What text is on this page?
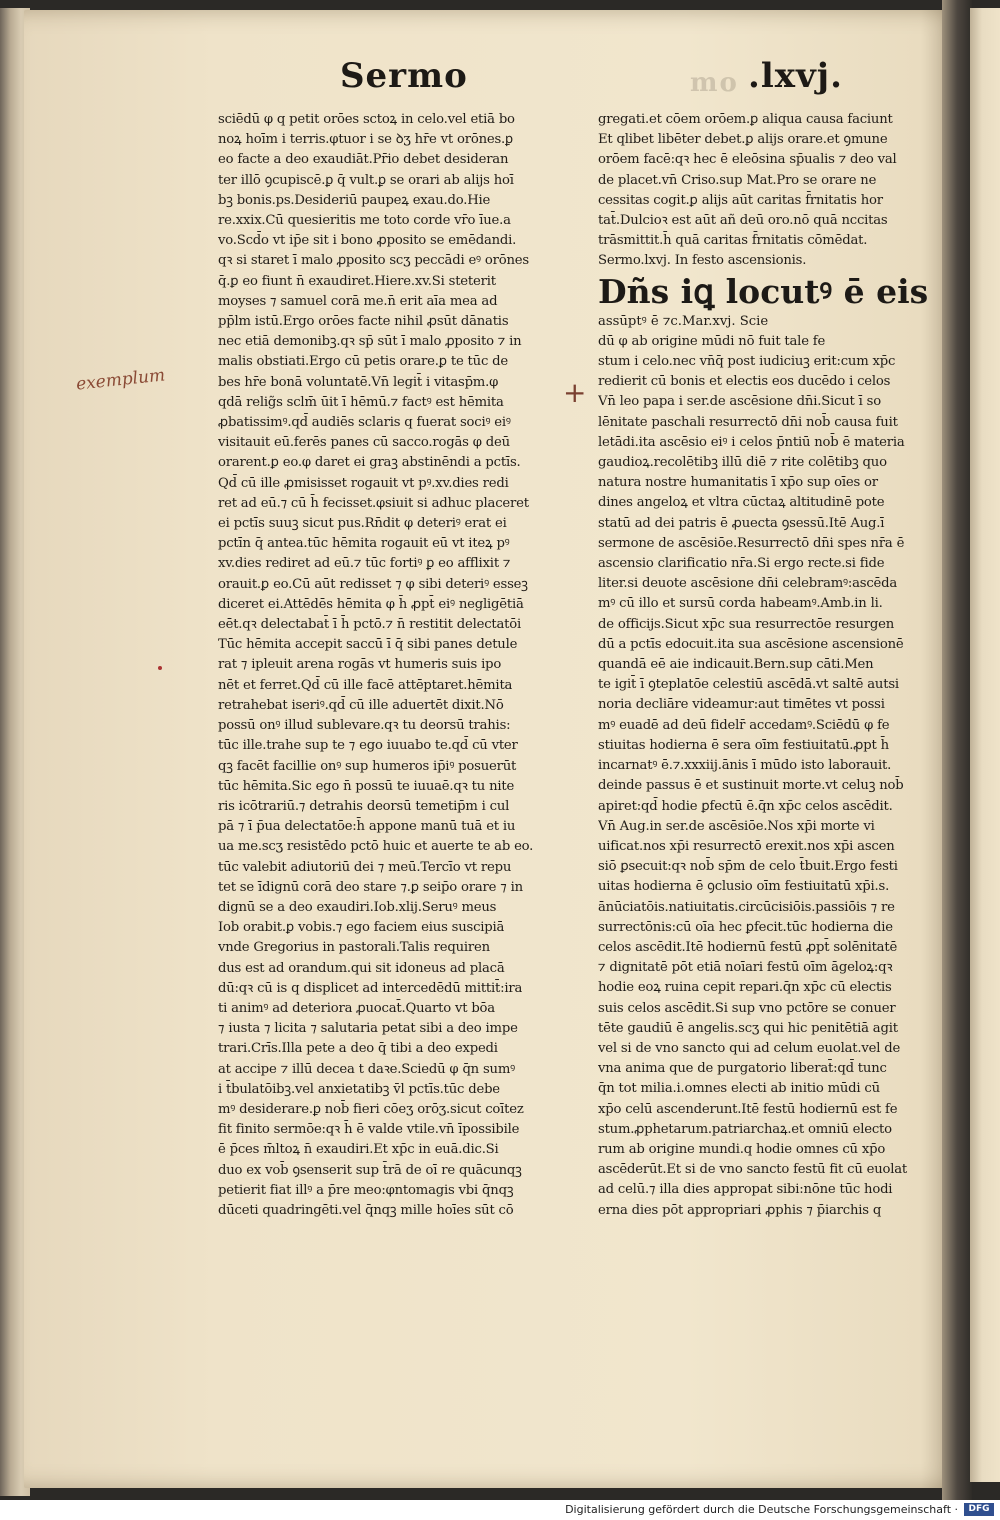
mo
Sermo	.lxvj.
exemplum	+
sciēdū φ q petit orōes sctoꝝ in celo.vel etiā bo
noꝝ hoīm i terris.φtuor i se ꝺʒ hr̄e vt orōnes.ꝑ
eo facte a deo exaudiāt.Pr̄io debet desideran
ter illō ꝯcupiscē.ꝑ q̄ vult.ꝑ se orari ab alijs hoī
bꝫ bonis.ps.Desideriū paupeꝝ exau.do.Hie
re.xxix.Cū quesieritis me toto corde vr̄o īue.a
vo.Scd̄o vt ip̄e sit i bono ꝓposito se emēdandi.
qꝛ si staret ī malo ꝓposito scʒ peccādi eꝰ orōnes
q̄.ꝑ eo fiunt n̄ exaudiret.Hiere.xv.Si steterit
moyses ⁊ samuel corā me.n̄ erit aīa mea ad
pp̄lm istū.Ergo orōes facte nihil ꝓsūt dānatis
nec etiā demonibꝫ.qꝛ sp̄ sūt ī malo ꝓposito ⁊ in
malis obstiati.Ergo cū petis orare.ꝑ te tūc de
bes hr̄e bonā voluntatē.Vn̄ legit̄ i vitasp̄m.φ
qdā relig̃s sclm̄ ūit ī hēmū.⁊ factꝰ est hēmita
ꝓbatissimꝰ.qd̄ audiēs sclaris q fuerat sociꝰ eiꝰ
visitauit eū.ferēs panes cū sacco.rogās φ deū
orarent.ꝑ eo.φ daret ei graꝫ abstinēndi a pctīs.
Qd̄ cū ille ꝓmisisset rogauit vt pꝰ.xv.dies redi
ret ad eū.⁊ cū h̄ fecisset.φsiuit si adhuc placeret
ei pctīs suuꝫ sicut pus.Rn̄dit φ deteriꝰ erat ei
pctīn q̄ antea.tūc hēmita rogauit eū vt iteꝝ pꝰ
xv.dies rediret ad eū.⁊ tūc fortiꝰ ꝑ eo afflixit ⁊
orauit.ꝑ eo.Cū aūt redisset ⁊ φ sibi deteriꝰ esseꝫ
diceret ei.Attēdēs hēmita φ h̄ ꝓpt̄ eiꝰ negligētiā
eēt.qꝛ delectabat̄ ī h̄ pctō.⁊ n̄ restitit delectatōi
Tūc hēmita accepit saccū ī q̄ sibi panes detule
rat ⁊ ipleuit arena rogās vt humeris suis ipo
nēt et ferret.Qd̄ cū ille facē attēptaret.hēmita
retrahebat iseriꝰ.qd̄ cū ille aduertēt dixit.Nō
possū onꝰ illud sublevare.qꝛ tu deorsū trahis:
tūc ille.trahe sup te ⁊ ego iuuabo te.qd̄ cū vter
qꝫ facēt facillie onꝰ sup humeros ip̄iꝰ posuerūt
tūc hēmita.Sic ego n̄ possū te iuuaē.qꝛ tu nite
ris icōtrariū.⁊ detrahis deorsū temetip̄m i cul
pā ⁊ ī p̄ua delectatōe:h̄ appone manū tuā et iu
ua me.scʒ resistēdo pctō huic et auerte te ab eo.
tūc valebit adiutoriū dei ⁊ meū.Tercīo vt repu
tet se īdignū corā deo stare ⁊.ꝑ seip̄o orare ⁊ in
dignū se a deo exaudiri.Iob.xlij.Seruꝰ meus
Iob orabit.ꝑ vobis.⁊ ego faciem eius suscipiā
vnde Gregorius in pastorali.Talis requiren
dus est ad orandum.qui sit idoneus ad placā
dū:qꝛ cū is q displicet ad intercedēdū mittit̄:ira
ti animꝰ ad deteriora ꝓuocat̄.Quarto vt bōa
⁊ iusta ⁊ licita ⁊ salutaria petat sibi a deo impe
trari.Crīs.Illa pete a deo q̄ tibi a deo expedi
at accipe ⁊ illū decea t daꝛe.Sciedū φ q̄n sumꝰ
i t̄bulatōibꝫ.vel anxietatibꝫ v̄l pctīs.tūc debe
mꝰ desiderare.ꝑ nob̄ fieri cōeʒ orōʒ.sicut coītez
fit finito sermōe:qꝛ h̄ ē valde vtile.vn̄ īpossibile
ē p̄ces m̄ltoꝝ n̄ exaudiri.Et xp̄c in euā.dic.Si
duo ex vob̄ ꝯsenserit sup t̄rā de oī re quācunqꝫ
petierit fiat illꝰ a p̄re meo:φntomagis vbi q̄nqꝫ
dūceti quadringēti.vel q̄nqꝫ mille hoīes sūt cō
gregati.et cōem orōem.ꝑ aliqua causa faciunt
Et qlibet libēter debet.ꝑ alijs orare.et ꝯmune
orōem facē:qꝛ hec ē eleōsina sp̄ualis ⁊ deo val
de placet.vn̄ Criso.sup Mat.Pro se orare ne
cessitas cogit.ꝑ alijs aūt caritas f̄rnitatis hor
tat̄.Dulcioꝛ est aūt añ deū oro.nō quā nccitas
trāsmittit.h̄ quā caritas f̄rnitatis cōmēdat.
Sermo.lxvj. In festo ascensionis.
Dñs iꝗ locutꝰ ē eis
assūptꝰ ē ⁊c.Mar.xvj. Scie
dū φ ab origine mūdi nō fuit tale fe
stum i celo.nec vn̄q̄ post iudiciuꝫ erit:cum xp̄c
redierit cū bonis et electis eos ducēdo i celos
Vn̄ leo papa i ser.de ascēsione dn̄i.Sicut ī so
lēnitate paschali resurrectō dn̄i nob̄ causa fuit
letādi.ita ascēsio eiꝰ i celos p̄ntiū nob̄ ē materia
gaudioꝝ.recolētibꝫ illū diē ⁊ rite colētibꝫ quo
natura nostre humanitatis ī xp̄o sup oīes or
dines angeloꝝ et vltra cūctaꝝ altitudinē pote
statū ad dei patris ē ꝓuecta ꝯsessū.Itē Aug.ī
sermone de ascēsiōe.Resurrectō dn̄i spes nr̄a ē
ascensio clarificatio nr̄a.Si ergo recte.si fide
liter.si deuote ascēsione dn̄i celebramꝰ:ascēda
mꝰ cū illo et sursū corda habeamꝰ.Amb.in li.
de officijs.Sicut xp̄c sua resurrectōe resurgen
dū a pctīs edocuit.ita sua ascēsione ascensionē
quandā eē aie indicauit.Bern.sup cāti.Men
te igit̄ ī ꝯteplatōe celestiū ascēdā.vt saltē autsi
noria decliāre videamur:aut timētes vt possi
mꝰ euadē ad deū fidelr̄ accedamꝰ.Sciēdū φ fe
stiuitas hodierna ē sera oīm festiuitatū.ꝓpt h̄
incarnatꝰ ē.⁊.xxxiij.ānis ī mūdo isto laborauit.
deinde passus ē et sustinuit morte.vt celuꝫ nob̄
apiret:qd̄ hodie ꝑfectū ē.q̄n xp̄c celos ascēdit.
Vn̄ Aug.in ser.de ascēsiōe.Nos xp̄i morte vi
uificat.nos xp̄i resurrectō erexit.nos xp̄i ascen
siō ꝑsecuit:qꝛ nob̄ sp̄m de celo t̄buit.Ergo festi
uitas hodierna ē ꝯclusio oīm festiuitatū xp̄i.s.
ānūciatōis.natiuitatis.circūcisiōis.passiōis ⁊ re
surrectōnis:cū oīa hec ꝑfecit.tūc hodierna die
celos ascēdit.Itē hodiernū festū ꝓpt̄ solēnitatē
⁊ dignitatē pōt etiā noīari festū oīm āgeloꝝ:qꝛ
hodie eoꝝ ruina cepit repari.q̄n xp̄c cū electis
suis celos ascēdit.Si sup vno pctōre se conuer
tēte gaudiū ē angelis.scʒ qui hic penitētiā agit
vel si de vno sancto qui ad celum euolat.vel de
vna anima que de purgatorio liberat̄:qd̄ tunc
q̄n tot milia.i.omnes electi ab initio mūdi cū
xp̄o celū ascenderunt.Itē festū hodiernū est fe
stum.ꝓphetarum.patriarchaꝝ.et omniū electo
rum ab origine mundi.q hodie omnes cū xp̄o
ascēderūt.Et si de vno sancto festū fit cū euolat
ad celū.⁊ illa dies appropat sibi:nōne tūc hodi
erna dies pōt appropriari ꝓphis ⁊ p̄iarchis q
Digitalisierung gefördert durch die Deutsche Forschungsgemeinschaft ·	DFG
